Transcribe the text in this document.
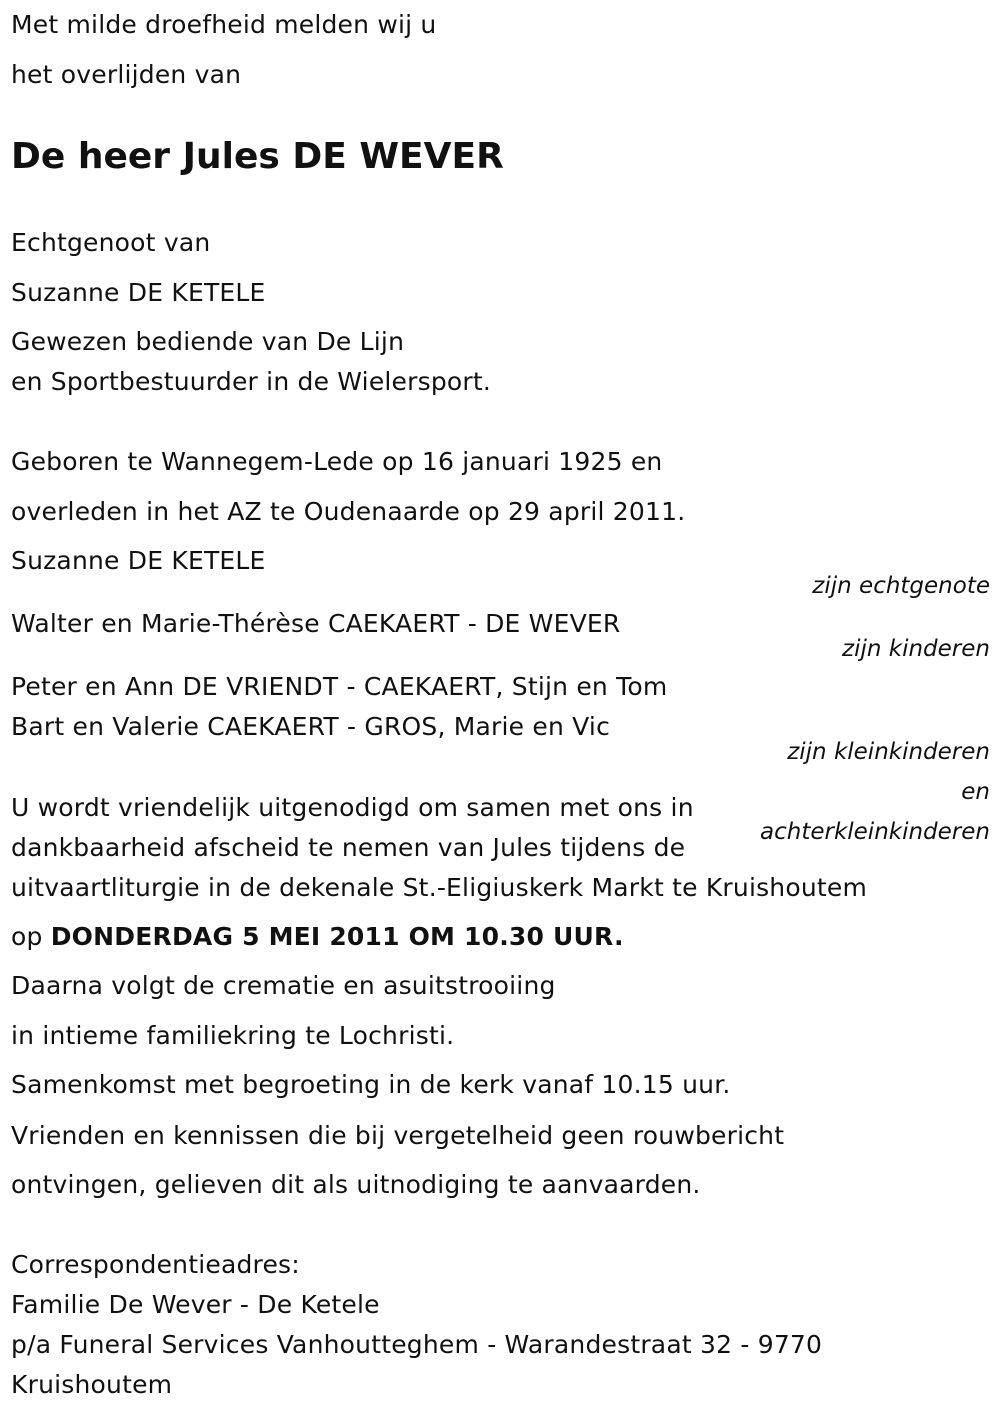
Met milde droefheid melden wij u
het overlijden van
De heer Jules DE WEVER
Echtgenoot van
Suzanne DE KETELE
Gewezen bediende van De Lijn
en Sportbestuurder in de Wielersport.
Geboren te Wannegem-Lede op 16 januari 1925 en
overleden in het AZ te Oudenaarde op 29 april 2011.
Suzanne DE KETELE
zijn echtgenote
Walter en Marie-Thérèse CAEKAERT - DE WEVER
zijn kinderen
Peter en Ann DE VRIENDT - CAEKAERT, Stijn en Tom
Bart en Valerie CAEKAERT - GROS, Marie en Vic
zijn kleinkinderen
en
achterkleinkinderen
U wordt vriendelijk uitgenodigd om samen met ons in
dankbaarheid afscheid te nemen van Jules tijdens de
uitvaartliturgie in de dekenale St.-Eligiuskerk Markt te Kruishoutem
op DONDERDAG 5 MEI 2011 OM 10.30 UUR.
Daarna volgt de crematie en asuitstrooiing
in intieme familiekring te Lochristi.
Samenkomst met begroeting in de kerk vanaf 10.15 uur.
Vrienden en kennissen die bij vergetelheid geen rouwbericht
ontvingen, gelieven dit als uitnodiging te aanvaarden.
Correspondentieadres:
Familie De Wever - De Ketele
p/a Funeral Services Vanhoutteghem - Warandestraat 32 - 9770
Kruishoutem
